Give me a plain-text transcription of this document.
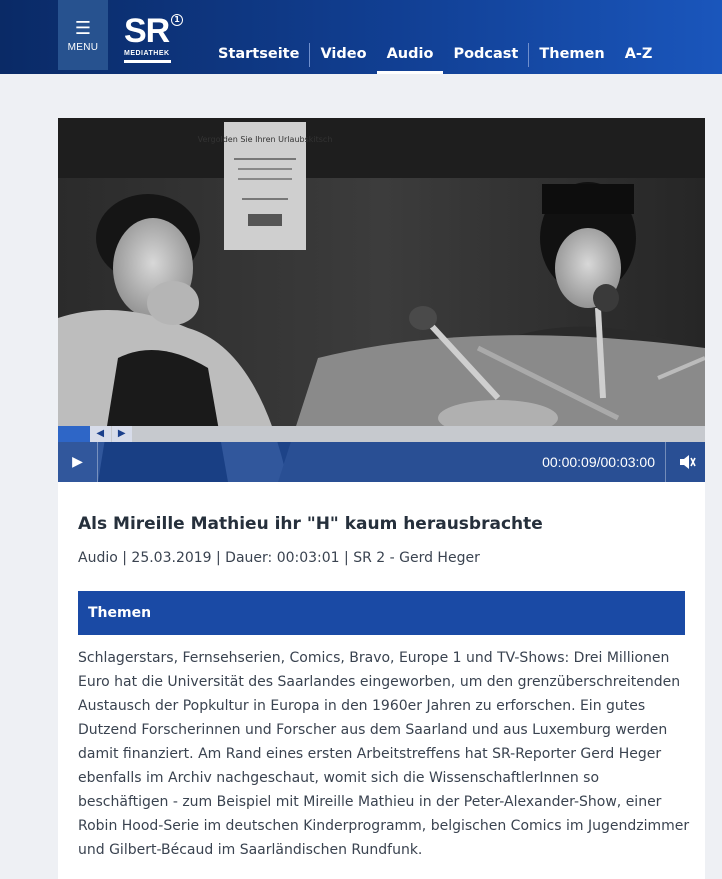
☰
MENU SR 1
MEDIATHEK	Startseite	Video	Audio	Podcast	Themen	A-Z
Vergolden Sie Ihren Urlaubskitsch
◀	▶
▶	00:00:09/00:03:00
Als Mireille Mathieu ihr "H" kaum herausbrachte
Audio | 25.03.2019 | Dauer: 00:03:01 | SR 2 - Gerd Heger
Themen

Schlagerstars, Fernsehserien, Comics, Bravo, Europe 1 und TV-Shows: Drei Millionen Euro hat die Universität des Saarlandes eingeworben, um den grenzüberschreitenden Austausch der Popkultur in Europa in den 1960er Jahren zu erforschen. Ein gutes Dutzend Forscherinnen und Forscher aus dem Saarland und aus Luxemburg werden damit finanziert. Am Rand eines ersten Arbeitstreffens hat SR-Reporter Gerd Heger ebenfalls im Archiv nachgeschaut, womit sich die WissenschaftlerInnen so beschäftigen - zum Beispiel mit Mireille Mathieu in der Peter-Alexander-Show, einer Robin Hood-Serie im deutschen Kinderprogramm, belgischen Comics im Jugendzimmer und Gilbert-Bécaud im Saarländischen Rundfunk.
